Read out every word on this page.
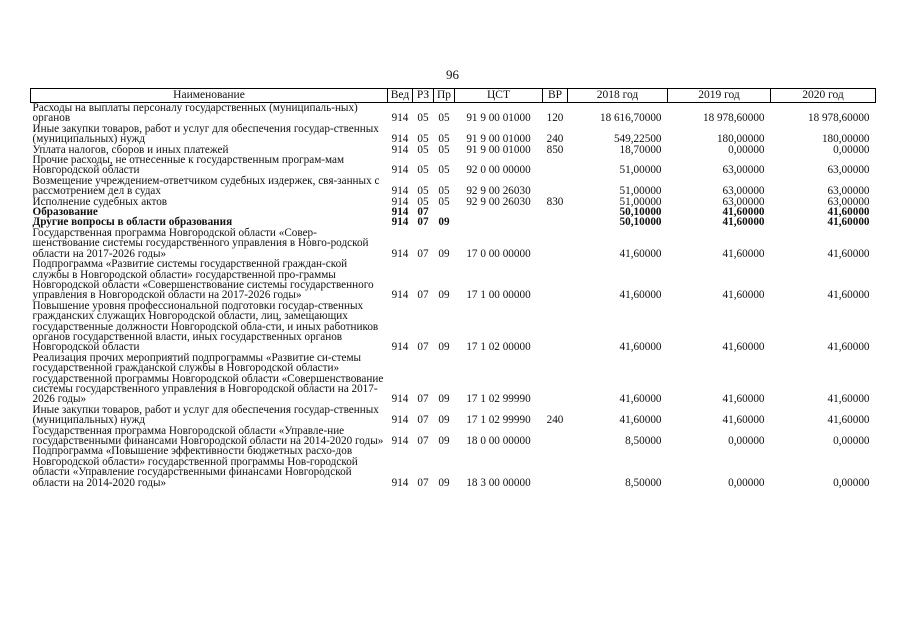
96
Наименование	Вед	РЗ	Пр	ЦСТ	ВР	2018 год	2019 год	2020 год
Расходы на выплаты персоналу государственных (муниципаль-ных) органов	914	05	05	91 9 00 01000	120	18 616,70000	18 978,60000	18 978,60000
Иные закупки товаров, работ и услуг для обеспечения государ-ственных (муниципальных) нужд	914	05	05	91 9 00 01000	240	549,22500	180,00000	180,00000
Уплата налогов, сборов и иных платежей	914	05	05	91 9 00 01000	850	18,70000	0,00000	0,00000
Прочие расходы, не отнесенные к государственным програм-мам Новгородской области	914	05	05	92 0 00 00000		51,00000	63,00000	63,00000
Возмещение учреждением-ответчиком судебных издержек, свя-занных с рассмотрением дел в судах	914	05	05	92 9 00 26030		51,00000	63,00000	63,00000
Исполнение судебных актов	914	05	05	92 9 00 26030	830	51,00000	63,00000	63,00000
Образование	914	07				50,10000	41,60000	41,60000
Другие вопросы в области образования	914	07	09			50,10000	41,60000	41,60000
Государственная программа Новгородской области «Совер-шенствование системы государственного управления в Новго-родской области на 2017-2026 годы»	914	07	09	17 0 00 00000		41,60000	41,60000	41,60000
Подпрограмма «Развитие системы государственной граждан-ской службы в Новгородской области» государственной про-граммы Новгородской области «Совершенствование системы государственного управления в Новгородской области на 2017-2026 годы»	914	07	09	17 1 00 00000		41,60000	41,60000	41,60000
Повышение уровня профессиональной подготовки государ-ственных гражданских служащих Новгородской области, лиц, замещающих государственные должности Новгородской обла-сти, и иных работников органов государственной власти, иных государственных органов Новгородской области	914	07	09	17 1 02 00000		41,60000	41,60000	41,60000
Реализация прочих мероприятий подпрограммы «Развитие си-стемы государственной гражданской службы в Новгородской области» государственной программы Новгородской области «Совершенствование системы государственного управления в Новгородской области на 2017-2026 годы»	914	07	09	17 1 02 99990		41,60000	41,60000	41,60000
Иные закупки товаров, работ и услуг для обеспечения государ-ственных (муниципальных) нужд	914	07	09	17 1 02 99990	240	41,60000	41,60000	41,60000
Государственная программа Новгородской области «Управле-ние государственными финансами Новгородской области на 2014-2020 годы»	914	07	09	18 0 00 00000		8,50000	0,00000	0,00000
Подпрограмма «Повышение эффективности бюджетных расхо-дов Новгородской области» государственной программы Нов-городской области «Управление государственными финансами Новгородской области на 2014-2020 годы»	914	07	09	18 3 00 00000		8,50000	0,00000	0,00000
